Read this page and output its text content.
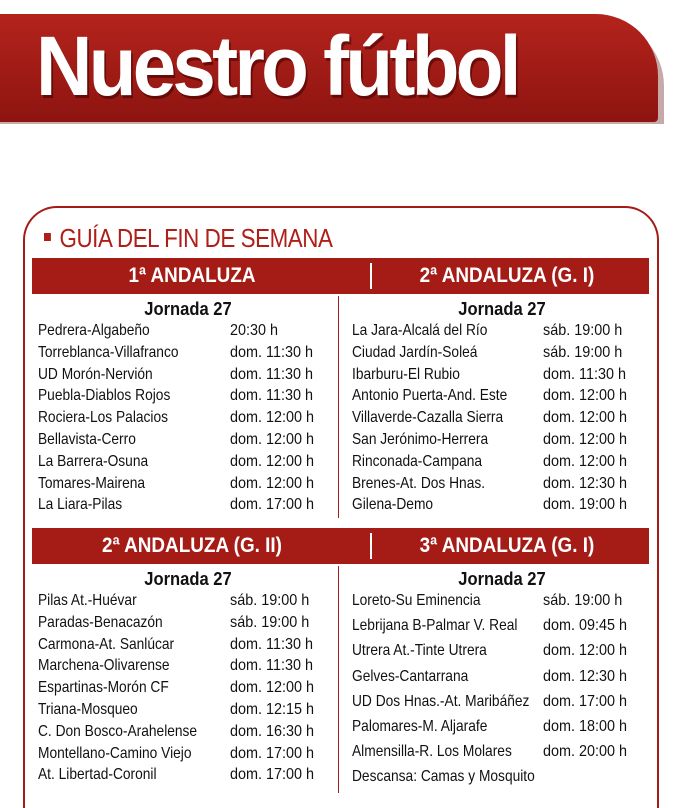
Nuestro fútbol
GUÍA DEL FIN DE SEMANA
1ª ANDALUZA	2ª ANDALUZA (G. I)
2ª ANDALUZA (G. II)	3ª ANDALUZA (G. I)
Jornada 27
Pedrera-Algabeño	20:30 h
Torreblanca-Villafranco	dom. 11:30 h
UD Morón-Nervión	dom. 11:30 h
Puebla-Diablos Rojos	dom. 11:30 h
Rociera-Los Palacios	dom. 12:00 h
Bellavista-Cerro	dom. 12:00 h
La Barrera-Osuna	dom. 12:00 h
Tomares-Mairena	dom. 12:00 h
La Liara-Pilas	dom. 17:00 h
Jornada 27
La Jara-Alcalá del Río	sáb. 19:00 h
Ciudad Jardín-Soleá	sáb. 19:00 h
Ibarburu-El Rubio	dom. 11:30 h
Antonio Puerta-And. Este dom. 12:00 h
Villaverde-Cazalla Sierra dom. 12:00 h
San Jerónimo-Herrera	dom. 12:00 h
Rinconada-Campana	dom. 12:00 h
Brenes-At. Dos Hnas.	dom. 12:30 h
Gilena-Demo	dom. 19:00 h
Jornada 27
Pilas At.-Huévar	sáb. 19:00 h
Paradas-Benacazón	sáb. 19:00 h
Carmona-At. Sanlúcar	dom. 11:30 h
Marchena-Olivarense	dom. 11:30 h
Espartinas-Morón CF	dom. 12:00 h
Triana-Mosqueo	dom. 12:15 h
C. Don Bosco-Arahelense dom. 16:30 h
Montellano-Camino Viejo dom. 17:00 h
At. Libertad-Coronil	dom. 17:00 h
Jornada 27
Loreto-Su Eminencia	sáb. 19:00 h
Lebrijana B-Palmar V. Real dom. 09:45 h
Utrera At.-Tinte Utrera	dom. 12:00 h
Gelves-Cantarrana	dom. 12:30 h
UD Dos Hnas.-At. Maribáñez dom. 17:00 h
Palomares-M. Aljarafe	dom. 18:00 h
Almensilla-R. Los Molares dom. 20:00 h
Descansa: Camas y Mosquito
